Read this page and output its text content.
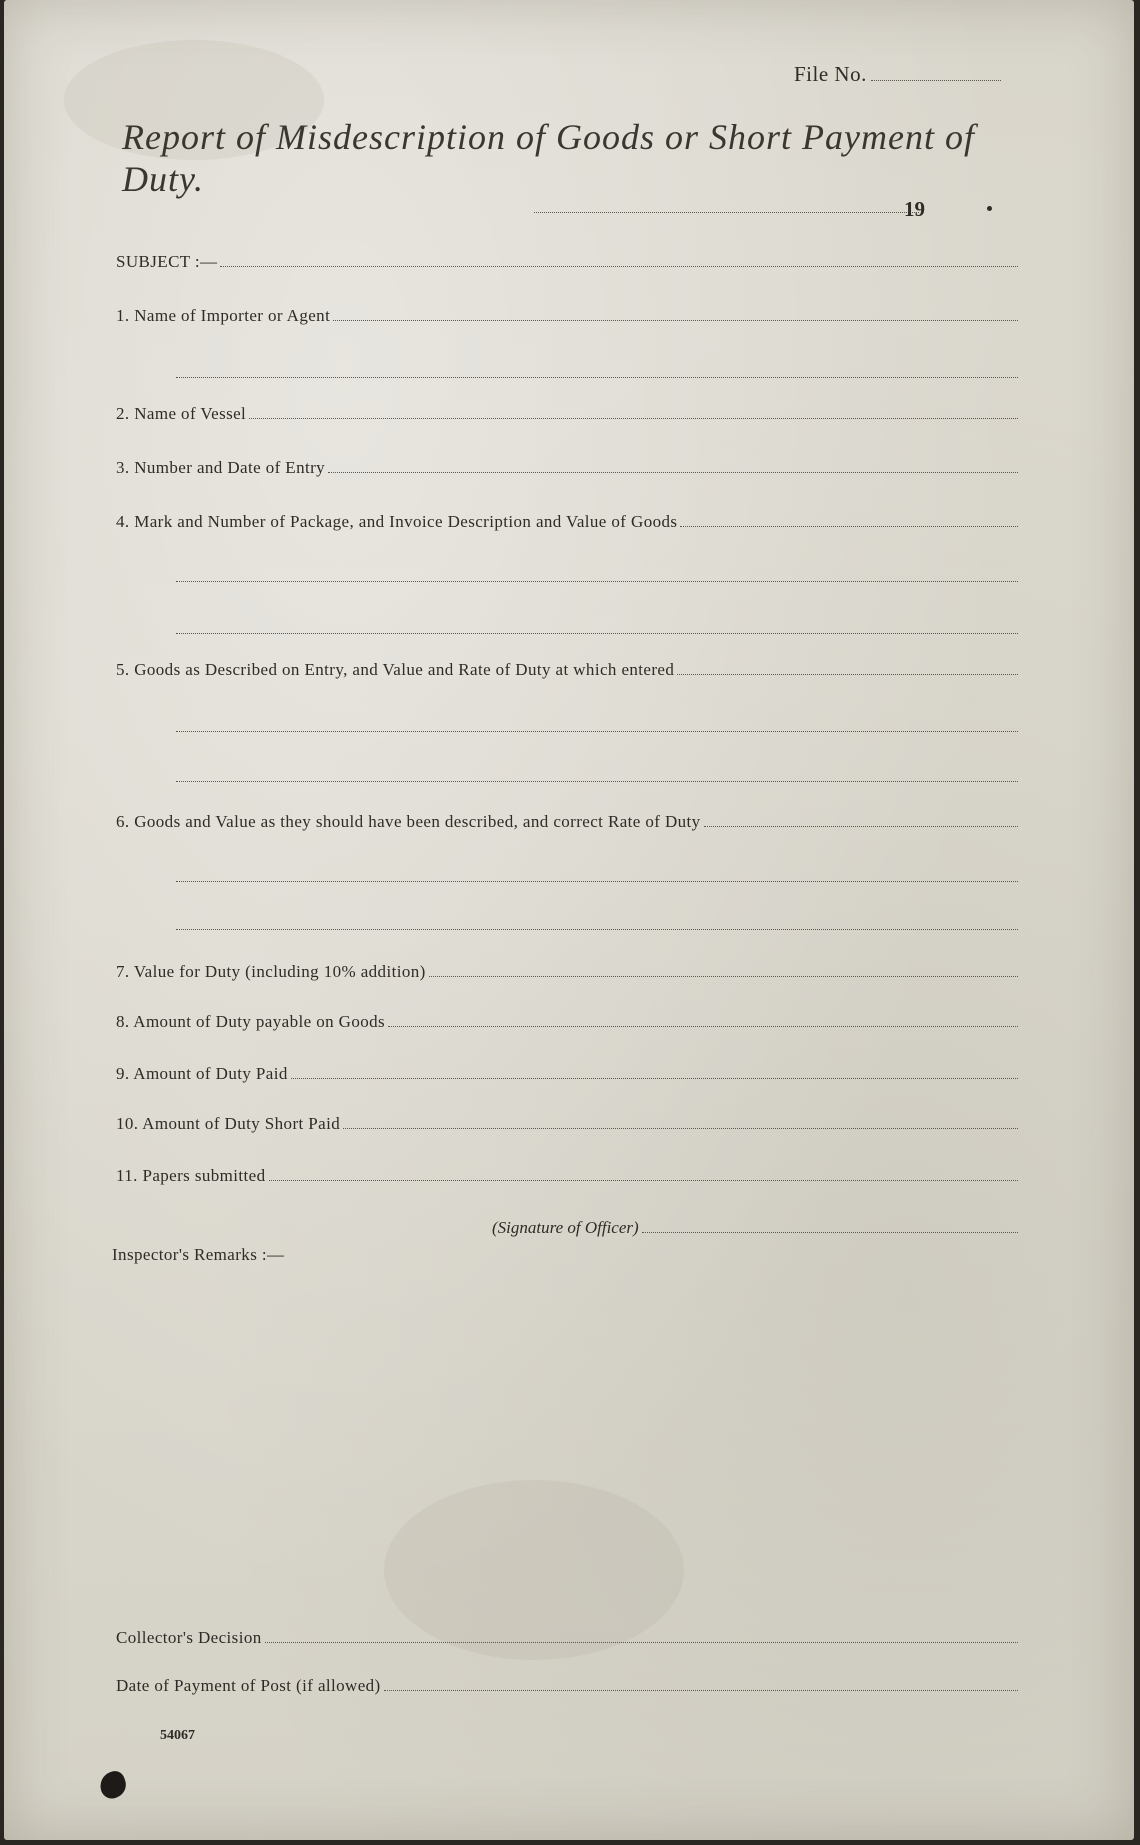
File No.
Report of Misdescription of Goods or Short Payment of Duty.
19
SUBJECT :—
1. Name of Importer or Agent
2. Name of Vessel
3. Number and Date of Entry
4. Mark and Number of Package, and Invoice Description and Value of Goods
5. Goods as Described on Entry, and Value and Rate of Duty at which entered
6. Goods and Value as they should have been described, and correct Rate of Duty
7. Value for Duty (including 10% addition)
8. Amount of Duty payable on Goods
9. Amount of Duty Paid
10. Amount of Duty Short Paid
11. Papers submitted
(Signature of Officer)
Inspector's Remarks :—
Collector's Decision
Date of Payment of Post (if allowed)
54067
